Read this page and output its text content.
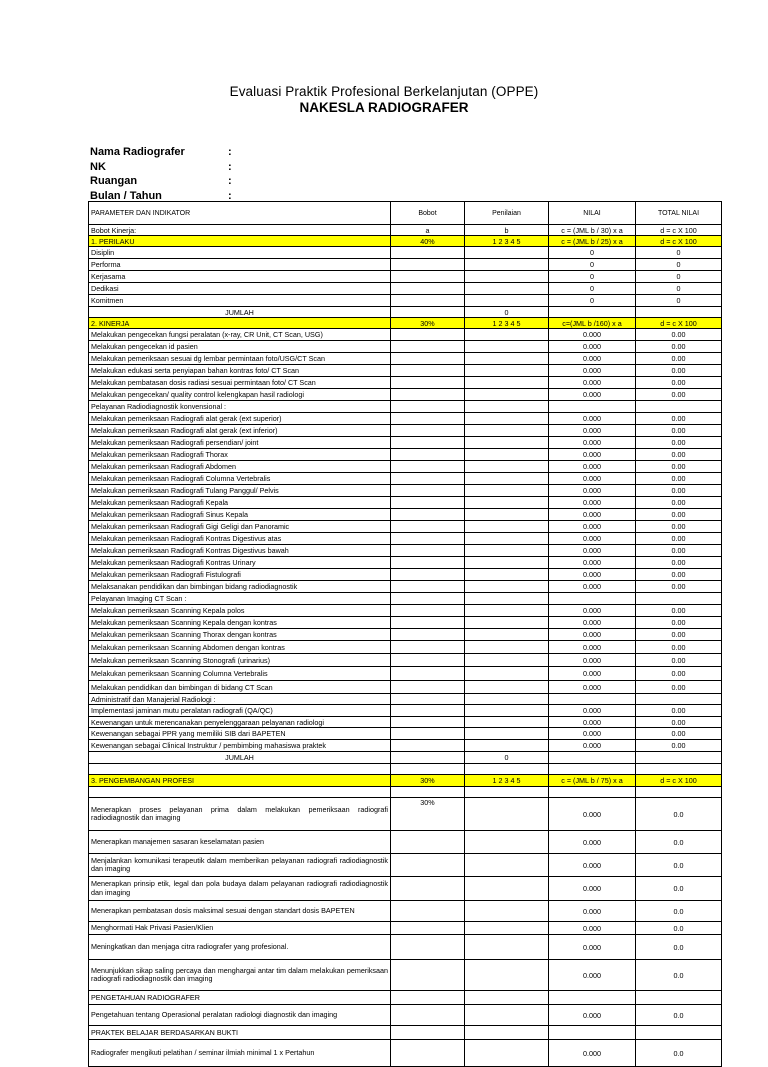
Evaluasi Praktik Profesional Berkelanjutan (OPPE)
NAKESLA RADIOGRAFER
Nama Radiografer	:
NK	:
Ruangan	:
Bulan / Tahun	:
PARAMETER DAN INDIKATOR	Bobot	Penilaian	NILAI	TOTAL NILAI
Bobot Kinerja:	a	b	c = (JML b / 30) x a	d = c X 100
1. PERILAKU	40%	1 2 3 4 5	c = (JML b / 25) x a	d = c X 100
Disiplin			0	0
Performa			0	0
Kerjasama			0	0
Dedikasi			0	0
Komitmen			0	0
JUMLAH		0		
2. KINERJA	30%	1 2 3 4 5	c=(JML b /160) x a	d = c X 100
Melakukan pengecekan fungsi peralatan (x-ray, CR Unit, CT Scan, USG)			0.000	0.00
Melakukan pengecekan id pasien			0.000	0.00
Melakukan pemeriksaan sesuai dg lembar permintaan foto/USG/CT Scan			0.000	0.00
Melakukan edukasi serta penyiapan bahan kontras foto/ CT Scan			0.000	0.00
Melakukan pembatasan dosis radiasi sesuai permintaan foto/ CT Scan			0.000	0.00
Melakukan pengecekan/ quality control kelengkapan hasil radiologi			0.000	0.00
Pelayanan Radiodiagnostik konvensional :				
Melakukan pemeriksaan Radiografi alat gerak (ext superior)			0.000	0.00
Melakukan pemeriksaan Radiografi alat gerak (ext inferior)			0.000	0.00
Melakukan pemeriksaan Radiografi persendian/ joint			0.000	0.00
Melakukan pemeriksaan Radiografi Thorax			0.000	0.00
Melakukan pemeriksaan Radiografi Abdomen			0.000	0.00
Melakukan pemeriksaan Radiografi Columna Vertebralis			0.000	0.00
Melakukan pemeriksaan Radiografi Tulang Panggul/ Pelvis			0.000	0.00
Melakukan pemeriksaan Radiografi Kepala			0.000	0.00
Melakukan pemeriksaan Radiografi Sinus Kepala			0.000	0.00
Melakukan pemeriksaan Radiografi Gigi Geligi dan Panoramic			0.000	0.00
Melakukan pemeriksaan Radiografi Kontras Digestivus atas			0.000	0.00
Melakukan pemeriksaan Radiografi Kontras Digestivus bawah			0.000	0.00
Melakukan pemeriksaan Radiografi Kontras Urinary			0.000	0.00
Melakukan pemeriksaan Radiografi Fistulografi			0.000	0.00
Melaksanakan pendidikan dan bimbingan bidang radiodiagnostik			0.000	0.00
Pelayanan Imaging CT Scan :				
Melakukan pemeriksaan Scanning Kepala polos			0.000	0.00
Melakukan pemeriksaan Scanning Kepala dengan kontras			0.000	0.00
Melakukan pemeriksaan Scanning Thorax dengan kontras			0.000	0.00
Melakukan pemeriksaan Scanning Abdomen dengan kontras			0.000	0.00
Melakukan pemeriksaan Scanning Stonografi (urinarius)			0.000	0.00
Melakukan pemeriksaan Scanning Columna Vertebralis			0.000	0.00
Melakukan pendidikan dan bimbingan di bidang CT Scan			0.000	0.00
Administratif dan Manajerial Radiologi :				
Implementasi jaminan mutu peralatan radiografi (QA/QC)			0.000	0.00
Kewenangan untuk merencanakan penyelenggaraan pelayanan radiologi			0.000	0.00
Kewenangan sebagai PPR yang memiliki SIB dari BAPETEN			0.000	0.00
Kewenangan sebagai Clinical Instruktur / pembimbing mahasiswa praktek			0.000	0.00
JUMLAH		0		

3. PENGEMBANGAN PROFESI	30%	1 2 3 4 5	c = (JML b / 75) x a	d = c X 100

Menerapkan proses pelayanan prima dalam melakukan pemeriksaan radiografi radiodiagnostik dan imaging	30%		0.000	0.0
Menerapkan manajemen sasaran keselamatan pasien			0.000	0.0
Menjalankan komunikasi terapeutik dalam memberikan pelayanan radiografi radiodiagnostik dan imaging			0.000	0.0
Menerapkan prinsip etik, legal dan pola budaya dalam pelayanan radiografi radiodiagnostik dan imaging			0.000	0.0
Menerapkan pembatasan dosis maksimal sesuai dengan standart dosis BAPETEN			0.000	0.0
Menghormati Hak Privasi Pasien/Klien			0.000	0.0
Meningkatkan dan menjaga citra radiografer yang profesional.			0.000	0.0
Menunjukkan sikap saling percaya dan menghargai antar tim dalam melakukan pemeriksaan radiografi radiodiagnostik dan imaging			0.000	0.0
PENGETAHUAN RADIOGRAFER				
Pengetahuan tentang Operasional peralatan radiologi diagnostik dan imaging			0.000	0.0
PRAKTEK BELAJAR BERDASARKAN BUKTI				
Radiografer mengikuti pelatihan / seminar ilmiah minimal 1 x Pertahun			0.000	0.0
